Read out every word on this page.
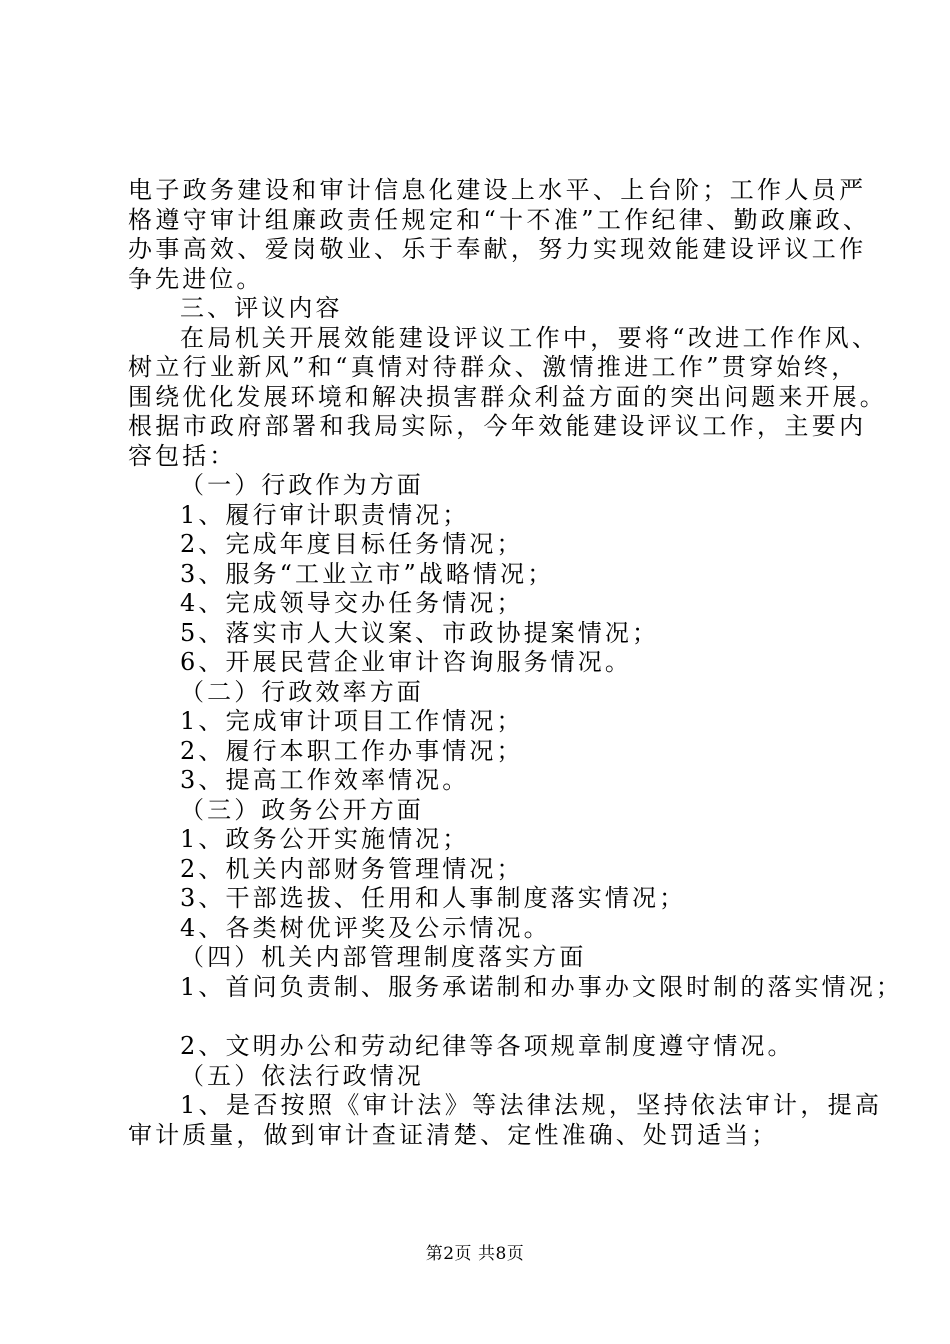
电子政务建设和审计信息化建设上水平、上台阶；工作人员严
格遵守审计组廉政责任规定和“十不准”工作纪律、勤政廉政、
办事高效、爱岗敬业、乐于奉献，努力实现效能建设评议工作
争先进位。
三、评议内容
在局机关开展效能建设评议工作中，要将“改进工作作风、
树立行业新风”和“真情对待群众、激情推进工作”贯穿始终，
围绕优化发展环境和解决损害群众利益方面的突出问题来开展。
根据市政府部署和我局实际，今年效能建设评议工作，主要内
容包括：
（一）行政作为方面
1、履行审计职责情况；
2、完成年度目标任务情况；
3、服务“工业立市”战略情况；
4、完成领导交办任务情况；
5、落实市人大议案、市政协提案情况；
6、开展民营企业审计咨询服务情况。
（二）行政效率方面
1、完成审计项目工作情况；
2、履行本职工作办事情况；
3、提高工作效率情况。
（三）政务公开方面
1、政务公开实施情况；
2、机关内部财务管理情况；
3、干部选拔、任用和人事制度落实情况；
4、各类树优评奖及公示情况。
（四）机关内部管理制度落实方面
1、首问负责制、服务承诺制和办事办文限时制的落实情况；
2、文明办公和劳动纪律等各项规章制度遵守情况。
（五）依法行政情况
1、是否按照《审计法》等法律法规，坚持依法审计，提高
审计质量，做到审计查证清楚、定性准确、处罚适当；
第2页 共8页
